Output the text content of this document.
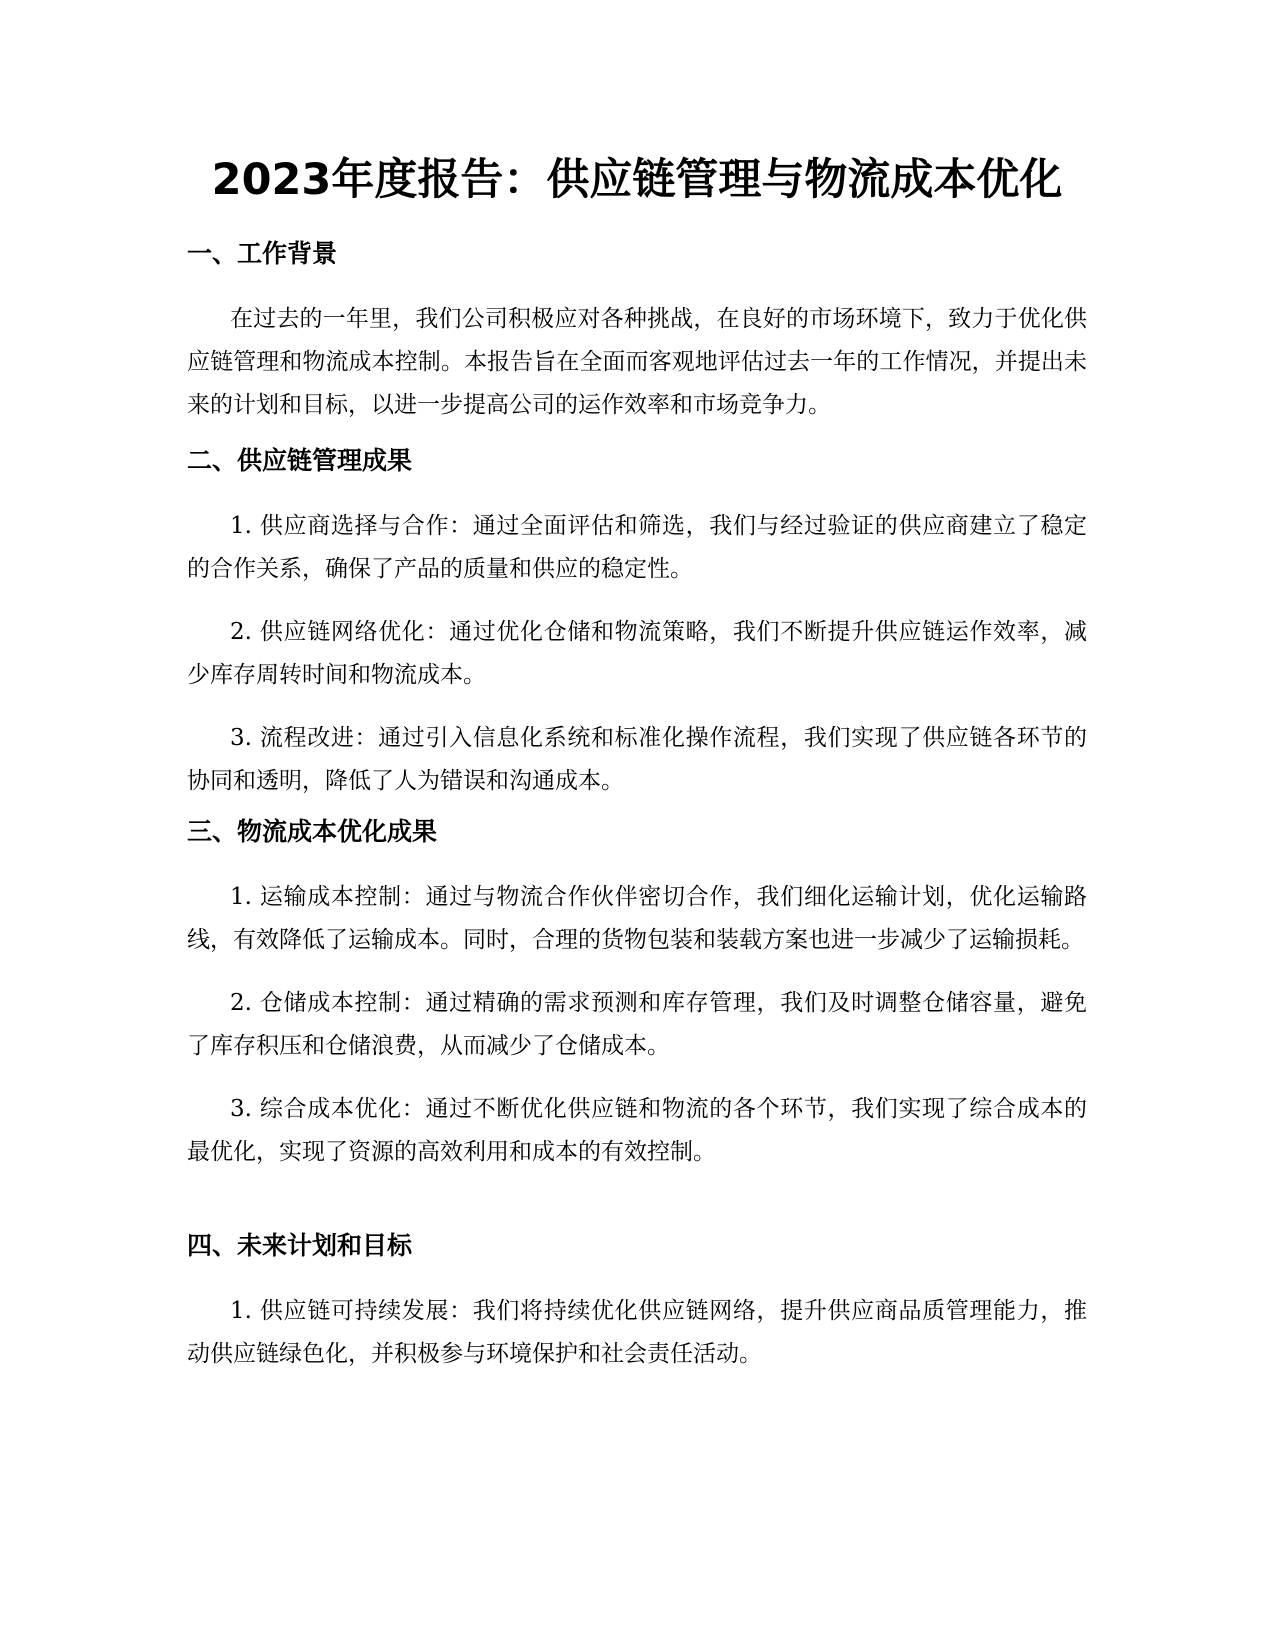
2023年度报告：供应链管理与物流成本优化
一、工作背景

在过去的一年里，我们公司积极应对各种挑战，在良好的市场环境下，致力于优化供应链管理和物流成本控制。本报告旨在全面而客观地评估过去一年的工作情况，并提出未来的计划和目标，以进一步提高公司的运作效率和市场竞争力。

二、供应链管理成果

1. 供应商选择与合作：通过全面评估和筛选，我们与经过验证的供应商建立了稳定的合作关系，确保了产品的质量和供应的稳定性。

2. 供应链网络优化：通过优化仓储和物流策略，我们不断提升供应链运作效率，减少库存周转时间和物流成本。

3. 流程改进：通过引入信息化系统和标准化操作流程，我们实现了供应链各环节的协同和透明，降低了人为错误和沟通成本。

三、物流成本优化成果

1. 运输成本控制：通过与物流合作伙伴密切合作，我们细化运输计划，优化运输路线，有效降低了运输成本。同时，合理的货物包装和装载方案也进一步减少了运输损耗。

2. 仓储成本控制：通过精确的需求预测和库存管理，我们及时调整仓储容量，避免了库存积压和仓储浪费，从而减少了仓储成本。

3. 综合成本优化：通过不断优化供应链和物流的各个环节，我们实现了综合成本的最优化，实现了资源的高效利用和成本的有效控制。

四、未来计划和目标

1. 供应链可持续发展：我们将持续优化供应链网络，提升供应商品质管理能力，推动供应链绿色化，并积极参与环境保护和社会责任活动。
